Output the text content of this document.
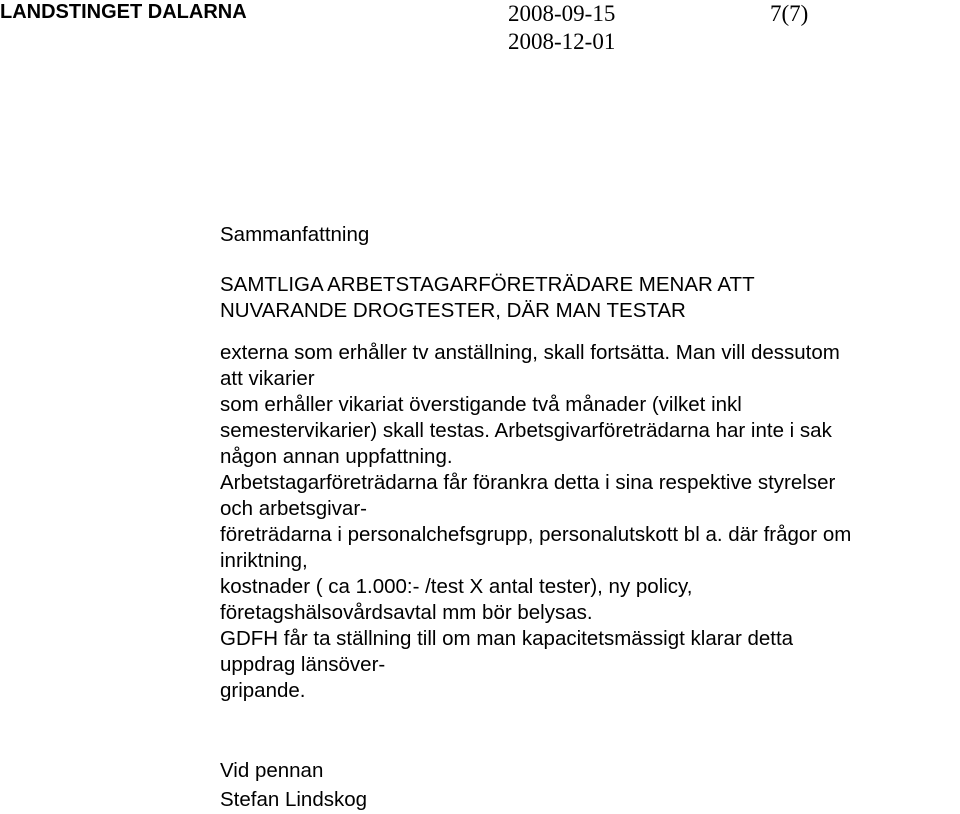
LANDSTINGET DALARNA	2008-09-15
2008-12-01
7(7)
Sammanfattning
SAMTLIGA ARBETSTAGARFÖRETRÄDARE MENAR ATT
NUVARANDE DROGTESTER, DÄR MAN TESTAR
externa som erhåller tv anställning, skall fortsätta. Man vill dessutom
att vikarier
som erhåller vikariat överstigande två månader (vilket inkl
semestervikarier) skall testas. Arbetsgivarföreträdarna har inte i sak
någon annan uppfattning.
Arbetstagarföreträdarna får förankra detta i sina respektive styrelser
och arbetsgivar-
företrädarna i personalchefsgrupp, personalutskott bl a. där frågor om
inriktning,
kostnader ( ca 1.000:- /test X antal tester), ny policy,
företagshälsovårdsavtal mm bör belysas.
GDFH får ta ställning till om man kapacitetsmässigt klarar detta
uppdrag länsöver-
gripande.
Vid pennan
Stefan Lindskog
